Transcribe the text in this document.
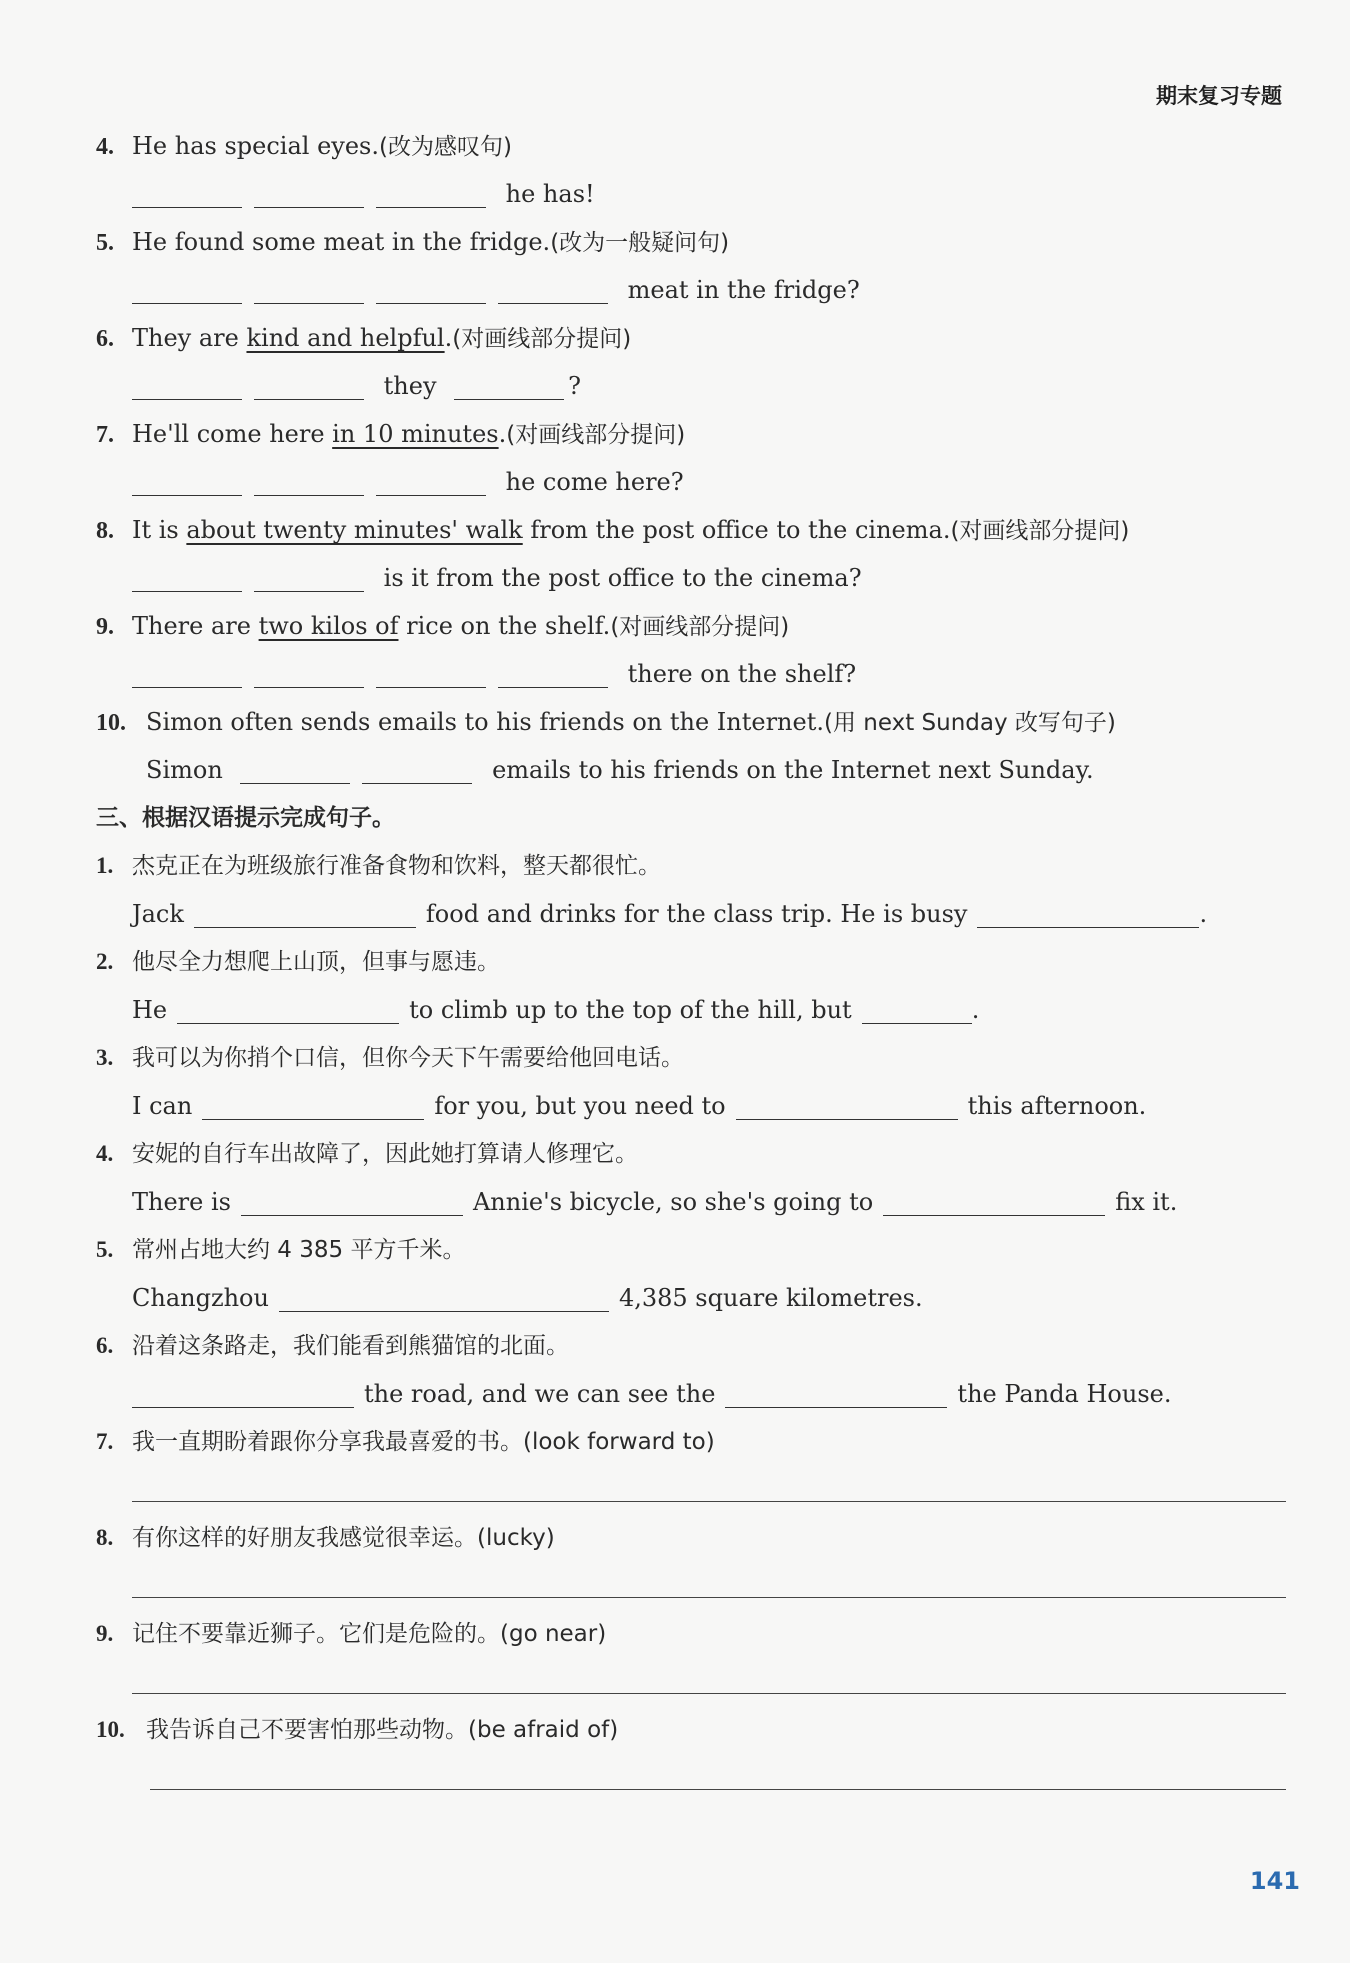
期末复习专题
4. He has special eyes.(改为感叹句)
he has!
5. He found some meat in the fridge.(改为一般疑问句)
meat in the fridge?
6. They are kind and helpful.(对画线部分提问)
they	?
7. He'll come here in 10 minutes.(对画线部分提问)
he come here?
8. It is about twenty minutes' walk from the post office to the cinema.(对画线部分提问)
is it from the post office to the cinema?
9. There are two kilos of rice on the shelf.(对画线部分提问)
there on the shelf?
10. Simon often sends emails to his friends on the Internet.(用 next Sunday 改写句子)
Simon	emails to his friends on the Internet next Sunday.
三、根据汉语提示完成句子。
1. 杰克正在为班级旅行准备食物和饮料，整天都很忙。
Jack	food and drinks for the class trip. He is busy	.
2. 他尽全力想爬上山顶，但事与愿违。
He	to climb up to the top of the hill, but	.
3. 我可以为你捎个口信，但你今天下午需要给他回电话。
I can	for you, but you need to	this afternoon.
4. 安妮的自行车出故障了，因此她打算请人修理它。
There is	Annie's bicycle, so she's going to	fix it.
5. 常州占地大约 4 385 平方千米。
Changzhou	4,385 square kilometres.
6. 沿着这条路走，我们能看到熊猫馆的北面。
the road, and we can see the	the Panda House.
7. 我一直期盼着跟你分享我最喜爱的书。(look forward to)
8. 有你这样的好朋友我感觉很幸运。(lucky)
9. 记住不要靠近狮子。它们是危险的。(go near)
10. 我告诉自己不要害怕那些动物。(be afraid of)
141
